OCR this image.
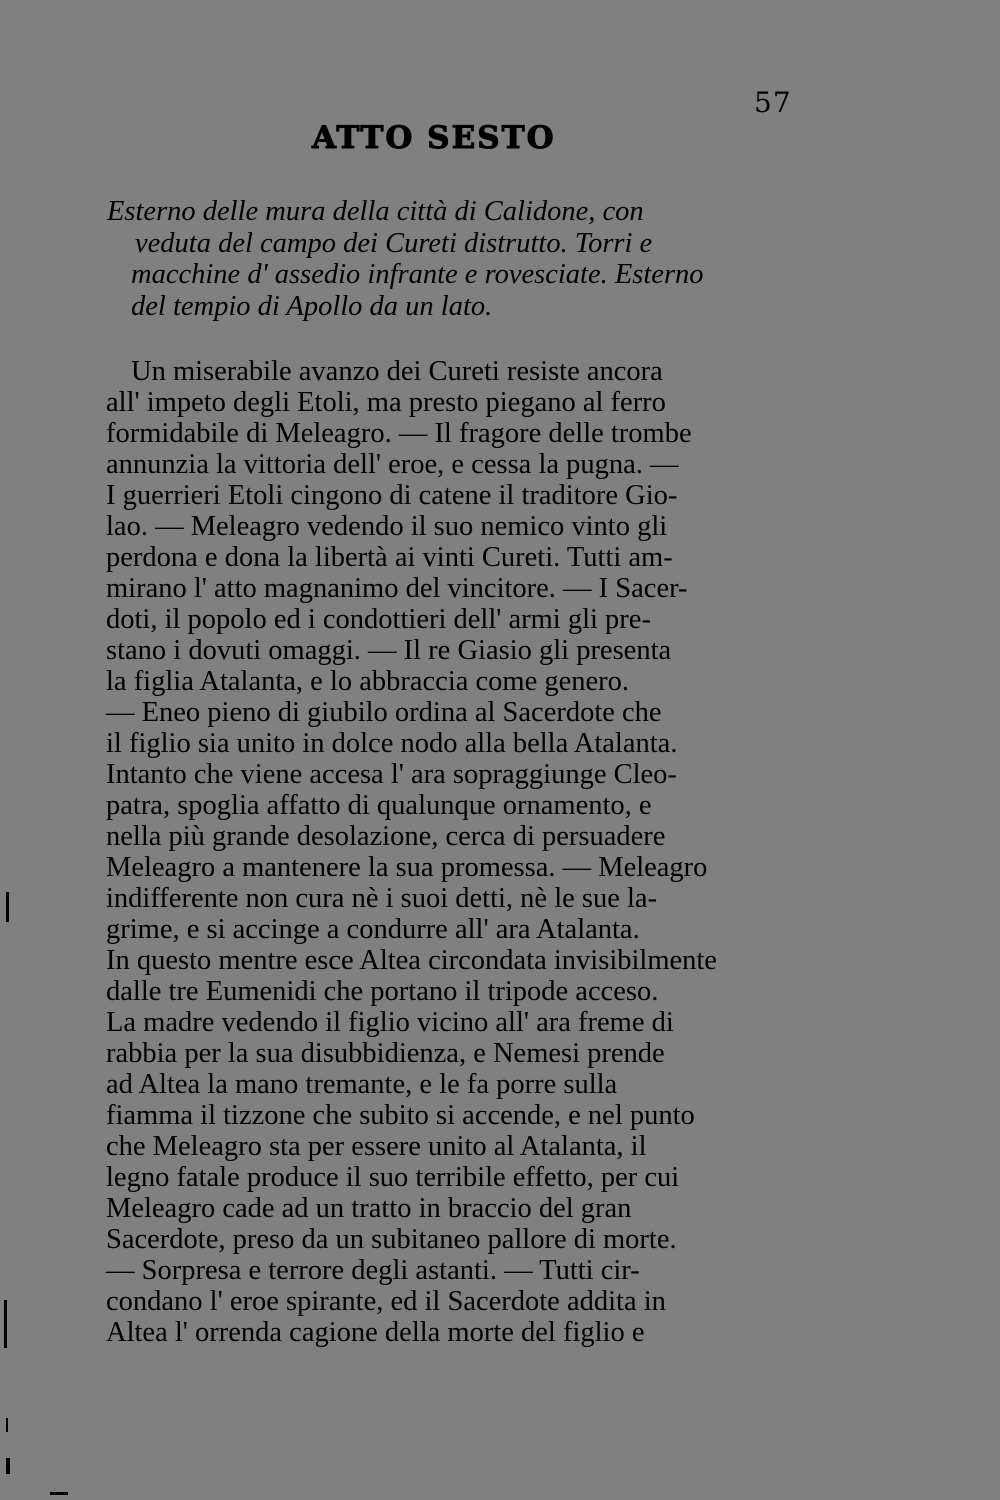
57
ATTO SESTO
Esterno delle mura della città di Calidone, con
veduta del campo dei Cureti distrutto. Torri e
macchine d' assedio infrante e rovesciate. Esterno
del tempio di Apollo da un lato.
Un miserabile avanzo dei Cureti resiste ancora
all' impeto degli Etoli, ma presto piegano al ferro
formidabile di Meleagro. — Il fragore delle trombe
annunzia la vittoria dell' eroe, e cessa la pugna. —
I guerrieri Etoli cingono di catene il traditore Gio-
lao. — Meleagro vedendo il suo nemico vinto gli
perdona e dona la libertà ai vinti Cureti. Tutti am-
mirano l' atto magnanimo del vincitore. — I Sacer-
doti, il popolo ed i condottieri dell' armi gli pre-
stano i dovuti omaggi. — Il re Giasio gli presenta
la figlia Atalanta, e lo abbraccia come genero.
— Eneo pieno di giubilo ordina al Sacerdote che
il figlio sia unito in dolce nodo alla bella Atalanta.
Intanto che viene accesa l' ara sopraggiunge Cleo-
patra, spoglia affatto di qualunque ornamento, e
nella più grande desolazione, cerca di persuadere
Meleagro a mantenere la sua promessa. — Meleagro
indifferente non cura nè i suoi detti, nè le sue la-
grime, e si accinge a condurre all' ara Atalanta.
In questo mentre esce Altea circondata invisibilmente
dalle tre Eumenidi che portano il tripode acceso.
La madre vedendo il figlio vicino all' ara freme di
rabbia per la sua disubbidienza, e Nemesi prende
ad Altea la mano tremante, e le fa porre sulla
fiamma il tizzone che subito si accende, e nel punto
che Meleagro sta per essere unito al Atalanta, il
legno fatale produce il suo terribile effetto, per cui
Meleagro cade ad un tratto in braccio del gran
Sacerdote, preso da un subitaneo pallore di morte.
— Sorpresa e terrore degli astanti. — Tutti cir-
condano l' eroe spirante, ed il Sacerdote addita in
Altea l' orrenda cagione della morte del figlio e
